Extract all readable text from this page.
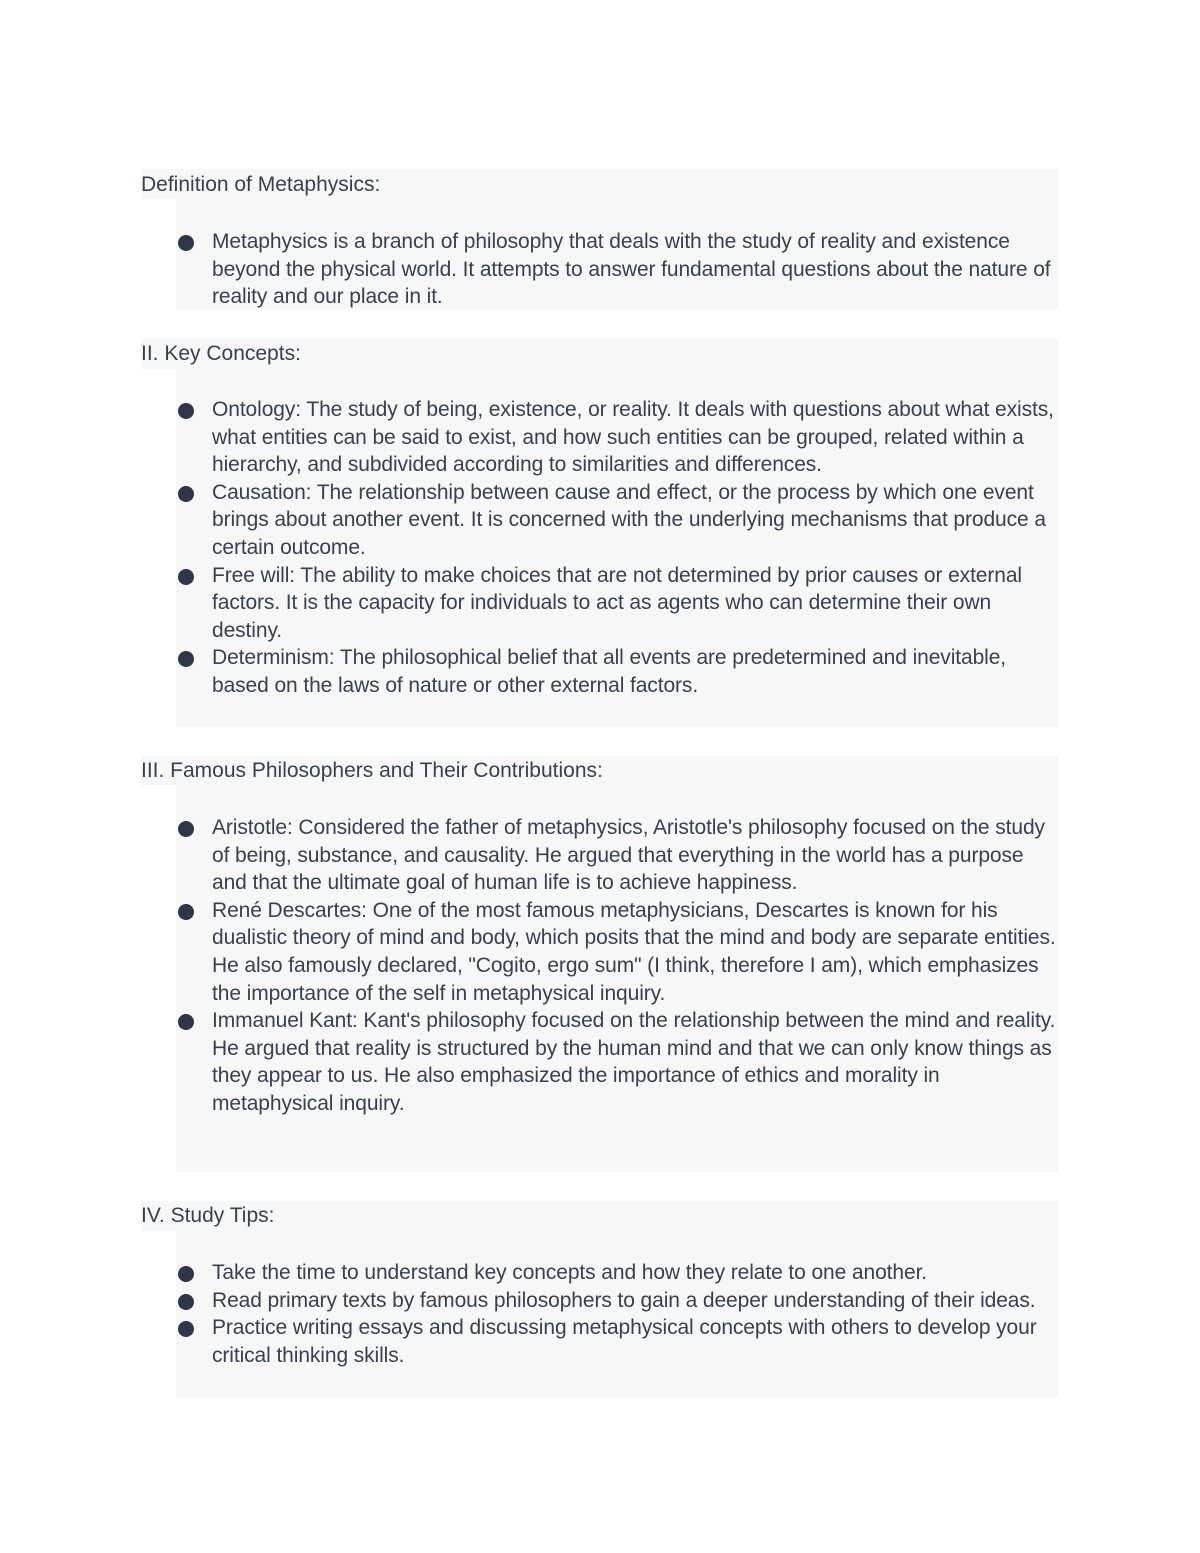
Definition of Metaphysics:
Metaphysics is a branch of philosophy that deals with the study of reality and existence beyond the physical world. It attempts to answer fundamental questions about the nature of reality and our place in it.
II. Key Concepts:
Ontology: The study of being, existence, or reality. It deals with questions about what exists, what entities can be said to exist, and how such entities can be grouped, related within a hierarchy, and subdivided according to similarities and differences.
Causation: The relationship between cause and effect, or the process by which one event brings about another event. It is concerned with the underlying mechanisms that produce a certain outcome.
Free will: The ability to make choices that are not determined by prior causes or external factors. It is the capacity for individuals to act as agents who can determine their own destiny.
Determinism: The philosophical belief that all events are predetermined and inevitable, based on the laws of nature or other external factors.
III. Famous Philosophers and Their Contributions:
Aristotle: Considered the father of metaphysics, Aristotle's philosophy focused on the study of being, substance, and causality. He argued that everything in the world has a purpose and that the ultimate goal of human life is to achieve happiness.
René Descartes: One of the most famous metaphysicians, Descartes is known for his dualistic theory of mind and body, which posits that the mind and body are separate entities. He also famously declared, "Cogito, ergo sum" (I think, therefore I am), which emphasizes the importance of the self in metaphysical inquiry.
Immanuel Kant: Kant's philosophy focused on the relationship between the mind and reality. He argued that reality is structured by the human mind and that we can only know things as they appear to us. He also emphasized the importance of ethics and morality in metaphysical inquiry.
IV. Study Tips:
Take the time to understand key concepts and how they relate to one another.
Read primary texts by famous philosophers to gain a deeper understanding of their ideas.
Practice writing essays and discussing metaphysical concepts with others to develop your critical thinking skills.
